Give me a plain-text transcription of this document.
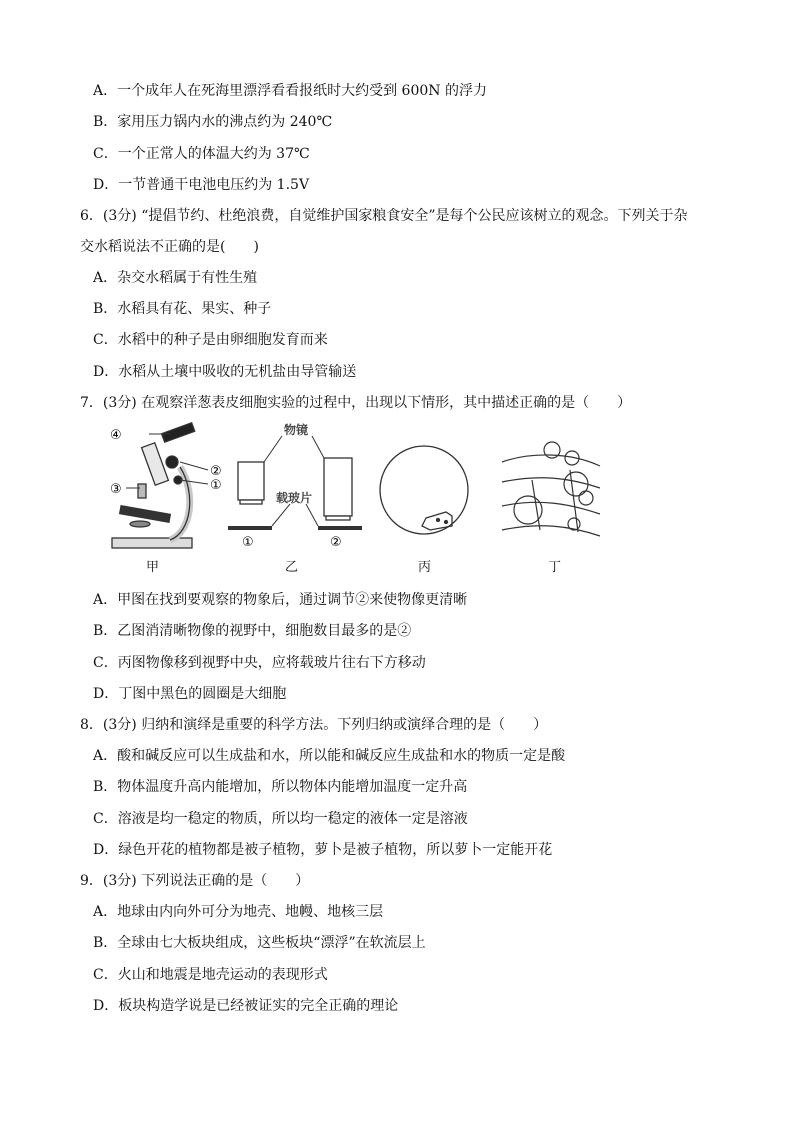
A．一个成年人在死海里漂浮看看报纸时大约受到 600N 的浮力
B．家用压力锅内水的沸点约为 240℃
C．一个正常人的体温大约为 37℃
D．一节普通干电池电压约为 1.5V
6．(3分) “提倡节约、杜绝浪费，自觉维护国家粮食安全”是每个公民应该树立的观念。下列关于杂
交水稻说法不正确的是(　　)
A．杂交水稻属于有性生殖
B．水稻具有花、果实、种子
C．水稻中的种子是由卵细胞发育而来
D．水稻从土壤中吸收的无机盐由导管输送
7．(3分) 在观察洋葱表皮细胞实验的过程中，出现以下情形，其中描述正确的是（　　）
④
②
①
③
物镜
载玻片
①	②
甲	乙	丙	丁
A．甲图在找到要观察的物象后，通过调节②来使物像更清晰
B．乙图消清晰物像的视野中，细胞数目最多的是②
C．丙图物像移到视野中央，应将载玻片往右下方移动
D．丁图中黑色的圆圈是大细胞
8．(3分) 归纳和演绎是重要的科学方法。下列归纳或演绎合理的是（　　）
A．酸和碱反应可以生成盐和水，所以能和碱反应生成盐和水的物质一定是酸
B．物体温度升高内能增加，所以物体内能增加温度一定升高
C．溶液是均一稳定的物质，所以均一稳定的液体一定是溶液
D．绿色开花的植物都是被子植物，萝卜是被子植物，所以萝卜一定能开花
9．(3分) 下列说法正确的是（　　）
A．地球由内向外可分为地壳、地幔、地核三层
B．全球由七大板块组成，这些板块“漂浮”在软流层上
C．火山和地震是地壳运动的表现形式
D．板块构造学说是已经被证实的完全正确的理论
